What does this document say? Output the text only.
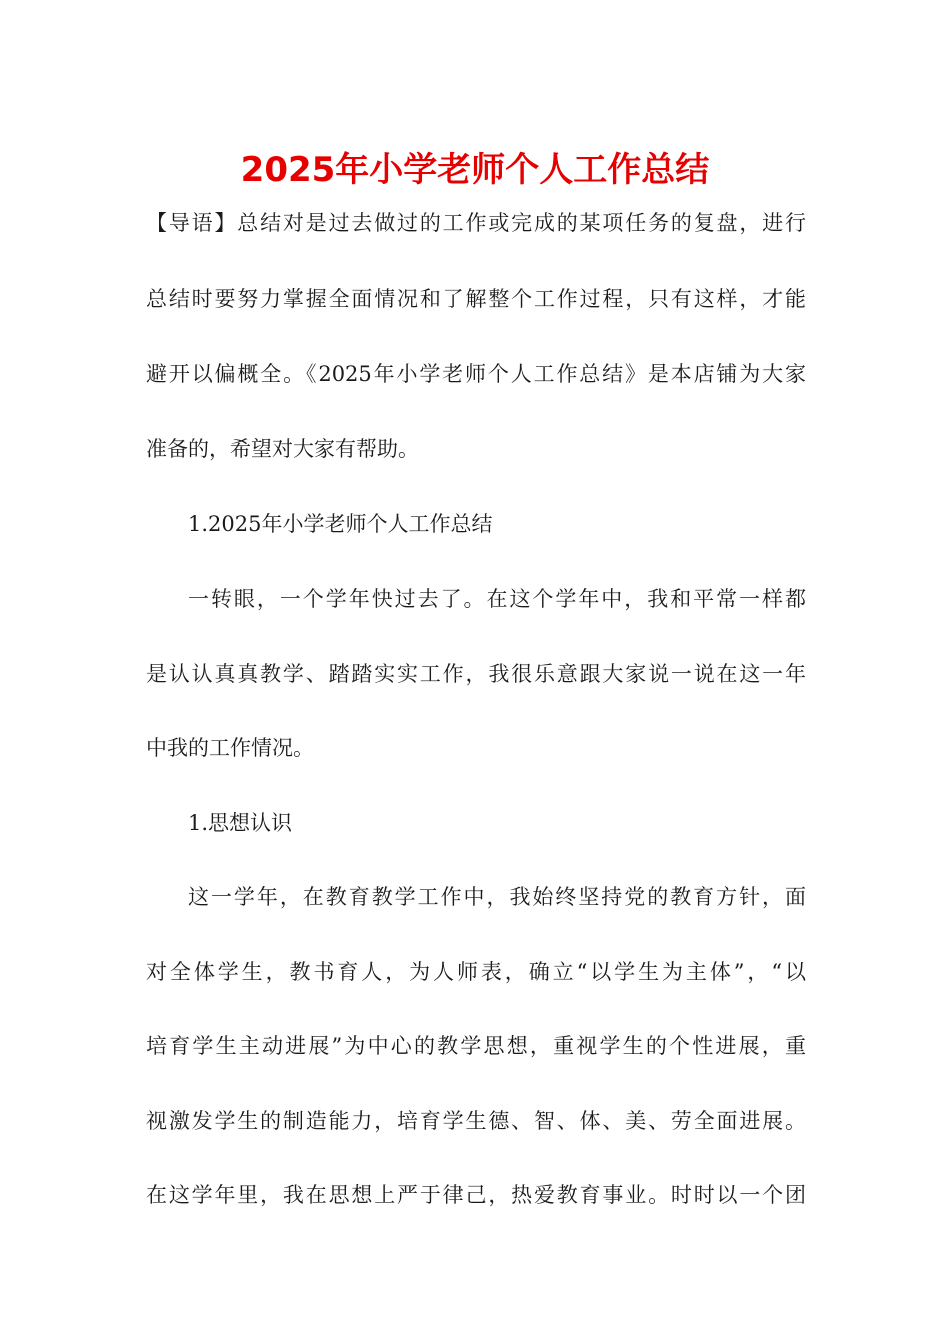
2025年小学老师个人工作总结
【导语】总结对是过去做过的工作或完成的某项任务的复盘，进行
总结时要努力掌握全面情况和了解整个工作过程，只有这样，才能
避开以偏概全。《2025年小学老师个人工作总结》是本店铺为大家
准备的，希望对大家有帮助。
1.2025年小学老师个人工作总结
一转眼，一个学年快过去了。在这个学年中，我和平常一样都
是认认真真教学、踏踏实实工作，我很乐意跟大家说一说在这一年
中我的工作情况。
1.思想认识
这一学年，在教育教学工作中，我始终坚持党的教育方针，面
对全体学生，教书育人，为人师表，确立“以学生为主体”，“以
培育学生主动进展”为中心的教学思想，重视学生的个性进展，重
视激发学生的制造能力，培育学生德、智、体、美、劳全面进展。
在这学年里，我在思想上严于律己，热爱教育事业。时时以一个团
